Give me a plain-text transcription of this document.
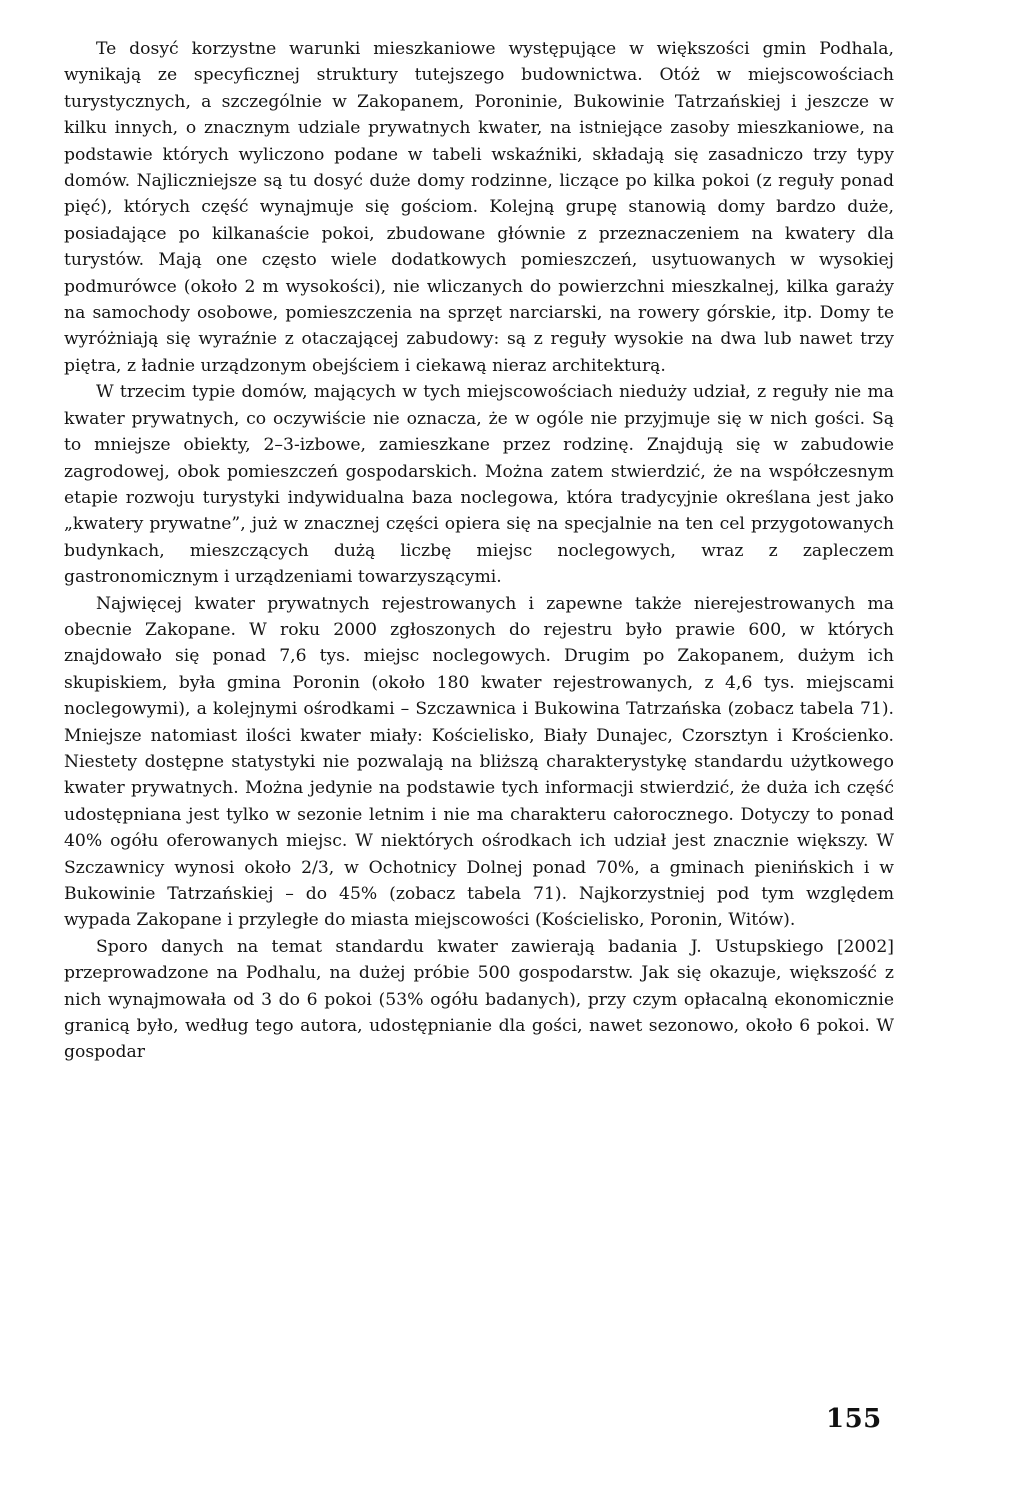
Te dosyć korzystne warunki mieszkaniowe występujące w większości gmin Podhala, wynikają ze specyficznej struktury tutejszego budownictwa. Otóż w miejscowościach turystycznych, a szczególnie w Zakopanem, Poroninie, Bukowinie Tatrzańskiej i jeszcze w kilku innych, o znacznym udziale prywatnych kwater, na istniejące zasoby mieszkaniowe, na podstawie których wyliczono podane w tabeli wskaźniki, składają się zasadniczo trzy typy domów. Najliczniejsze są tu dosyć duże domy rodzinne, liczące po kilka pokoi (z reguły ponad pięć), których część wynajmuje się gościom. Kolejną grupę stanowią domy bardzo duże, posiadające po kilkanaście pokoi, zbudowane głównie z przeznaczeniem na kwatery dla turystów. Mają one często wiele dodatkowych pomieszczeń, usytuowanych w wysokiej podmurówce (około 2 m wysokości), nie wliczanych do powierzchni mieszkalnej, kilka garaży na samochody osobowe, pomieszczenia na sprzęt narciarski, na rowery górskie, itp. Domy te wyróżniają się wyraźnie z otaczającej zabudowy: są z reguły wysokie na dwa lub nawet trzy piętra, z ładnie urządzonym obejściem i ciekawą nieraz architekturą.

W trzecim typie domów, mających w tych miejscowościach nieduży udział, z reguły nie ma kwater prywatnych, co oczywiście nie oznacza, że w ogóle nie przyjmuje się w nich gości. Są to mniejsze obiekty, 2–3-izbowe, zamieszkane przez rodzinę. Znajdują się w zabudowie zagrodowej, obok pomieszczeń gospodarskich. Można zatem stwierdzić, że na współczesnym etapie rozwoju turystyki indywidualna baza noclegowa, która tradycyjnie określana jest jako „kwatery prywatne”, już w znacznej części opiera się na specjalnie na ten cel przygotowanych budynkach, mieszczących dużą liczbę miejsc noclegowych, wraz z zapleczem gastronomicznym i urządzeniami towarzyszącymi.

Najwięcej kwater prywatnych rejestrowanych i zapewne także nierejestrowanych ma obecnie Zakopane. W roku 2000 zgłoszonych do rejestru było prawie 600, w których znajdowało się ponad 7,6 tys. miejsc noclegowych. Drugim po Zakopanem, dużym ich skupiskiem, była gmina Poronin (około 180 kwater rejestrowanych, z 4,6 tys. miejscami noclegowymi), a kolejnymi ośrodkami – Szczawnica i Bukowina Tatrzańska (zobacz tabela 71). Mniejsze natomiast ilości kwater miały: Kościelisko, Biały Dunajec, Czorsztyn i Krościenko. Niestety dostępne statystyki nie pozwalają na bliższą charakterystykę standardu użytkowego kwater prywatnych. Można jedynie na podstawie tych informacji stwierdzić, że duża ich część udostępniana jest tylko w sezonie letnim i nie ma charakteru całorocznego. Dotyczy to ponad 40% ogółu oferowanych miejsc. W niektórych ośrodkach ich udział jest znacznie większy. W Szczawnicy wynosi około 2/3, w Ochotnicy Dolnej ponad 70%, a gminach pienińskich i w Bukowinie Tatrzańskiej – do 45% (zobacz tabela 71). Najkorzystniej pod tym względem wypada Zakopane i przyległe do miasta miejscowości (Kościelisko, Poronin, Witów).

Sporo danych na temat standardu kwater zawierają badania J. Ustupskiego [2002] przeprowadzone na Podhalu, na dużej próbie 500 gospodarstw. Jak się okazuje, większość z nich wynajmowała od 3 do 6 pokoi (53% ogółu badanych), przy czym opłacalną ekonomicznie granicą było, według tego autora, udostępnianie dla gości, nawet sezonowo, około 6 pokoi. W gospodar

155
